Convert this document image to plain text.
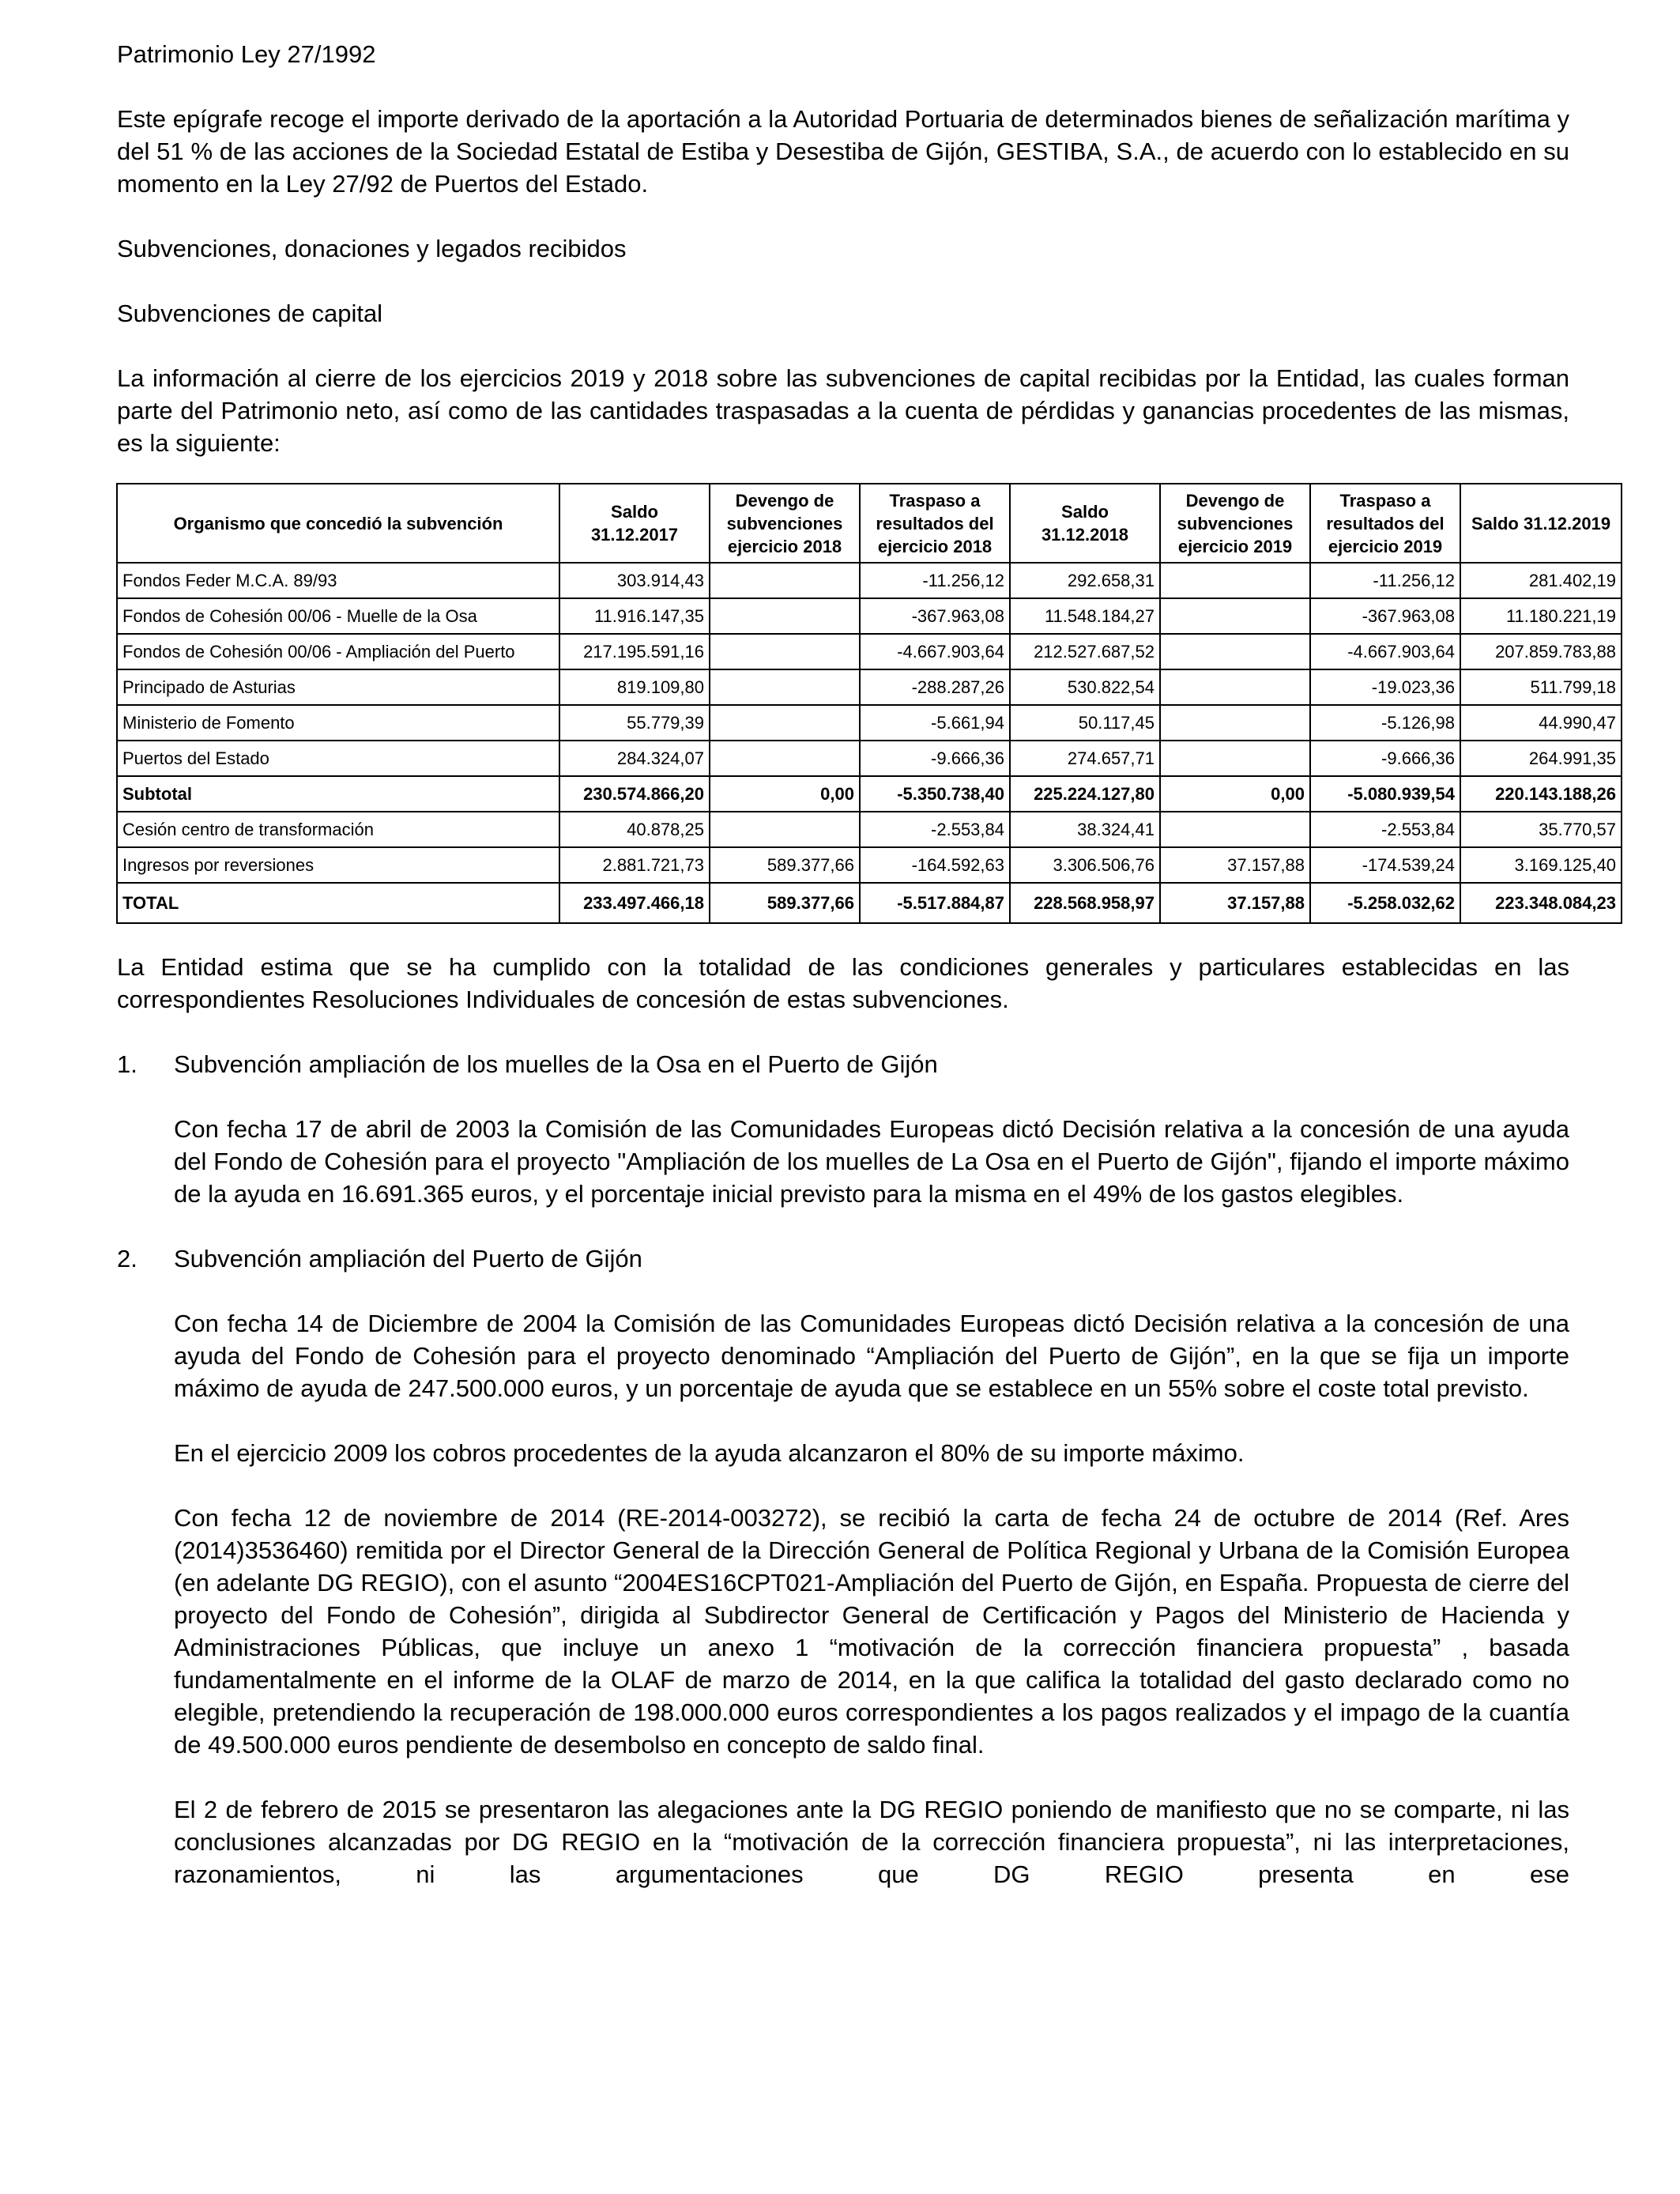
Patrimonio Ley 27/1992

Este epígrafe recoge el importe derivado de la aportación a la Autoridad Portuaria de determinados bienes de señalización marítima y del 51 % de las acciones de la Sociedad Estatal de Estiba y Desestiba de Gijón, GESTIBA, S.A., de acuerdo con lo establecido en su momento en la Ley 27/92 de Puertos del Estado.

Subvenciones, donaciones y legados recibidos

Subvenciones de capital

La información al cierre de los ejercicios 2019 y 2018 sobre las subvenciones de capital recibidas por la Entidad, las cuales forman parte del Patrimonio neto, así como de las cantidades traspasadas a la cuenta de pérdidas y ganancias procedentes de las mismas, es la siguiente:

Organismo que concedió la subvención	Saldo 31.12.2017	Devengo de subvenciones ejercicio 2018	Traspaso a resultados del ejercicio 2018	Saldo 31.12.2018	Devengo de subvenciones ejercicio 2019	Traspaso a resultados del ejercicio 2019	Saldo 31.12.2019
Fondos Feder M.C.A. 89/93	303.914,43		-11.256,12	292.658,31		-11.256,12	281.402,19
Fondos de Cohesión 00/06 - Muelle de la Osa	11.916.147,35		-367.963,08	11.548.184,27		-367.963,08	11.180.221,19
Fondos de Cohesión 00/06 - Ampliación del Puerto	217.195.591,16		-4.667.903,64	212.527.687,52		-4.667.903,64	207.859.783,88
Principado de Asturias	819.109,80		-288.287,26	530.822,54		-19.023,36	511.799,18
Ministerio de Fomento	55.779,39		-5.661,94	50.117,45		-5.126,98	44.990,47
Puertos del Estado	284.324,07		-9.666,36	274.657,71		-9.666,36	264.991,35
Subtotal	230.574.866,20	0,00	-5.350.738,40	225.224.127,80	0,00	-5.080.939,54	220.143.188,26
Cesión centro de transformación	40.878,25		-2.553,84	38.324,41		-2.553,84	35.770,57
Ingresos por reversiones	2.881.721,73	589.377,66	-164.592,63	3.306.506,76	37.157,88	-174.539,24	3.169.125,40
TOTAL	233.497.466,18	589.377,66	-5.517.884,87	228.568.958,97	37.157,88	-5.258.032,62	223.348.084,23

La Entidad estima que se ha cumplido con la totalidad de las condiciones generales y particulares establecidas en las correspondientes Resoluciones Individuales de concesión de estas subvenciones.

1.	Subvención ampliación de los muelles de la Osa en el Puerto de Gijón

Con fecha 17 de abril de 2003 la Comisión de las Comunidades Europeas dictó Decisión relativa a la concesión de una ayuda del Fondo de Cohesión para el proyecto "Ampliación de los muelles de La Osa en el Puerto de Gijón", fijando el importe máximo de la ayuda en 16.691.365 euros, y el porcentaje inicial previsto para la misma en el 49% de los gastos elegibles.

2.	Subvención ampliación del Puerto de Gijón

Con fecha 14 de Diciembre de 2004 la Comisión de las Comunidades Europeas dictó Decisión relativa a la concesión de una ayuda del Fondo de Cohesión para el proyecto denominado “Ampliación del Puerto de Gijón”, en la que se fija un importe máximo de ayuda de 247.500.000 euros, y un porcentaje de ayuda que se establece en un 55% sobre el coste total previsto.

En el ejercicio 2009 los cobros procedentes de la ayuda alcanzaron el 80% de su importe máximo.

Con fecha 12 de noviembre de 2014 (RE-2014-003272), se recibió la carta de fecha 24 de octubre de 2014 (Ref. Ares (2014)3536460) remitida por el Director General de la Dirección General de Política Regional y Urbana de la Comisión Europea (en adelante DG REGIO), con el asunto “2004ES16CPT021-Ampliación del Puerto de Gijón, en España. Propuesta de cierre del proyecto del Fondo de Cohesión”, dirigida al Subdirector General de Certificación y Pagos del Ministerio de Hacienda y Administraciones Públicas, que incluye un anexo 1 “motivación de la corrección financiera propuesta” , basada fundamentalmente en el informe de la OLAF de marzo de 2014, en la que califica la totalidad del gasto declarado como no elegible, pretendiendo la recuperación de 198.000.000 euros correspondientes a los pagos realizados y el impago de la cuantía de 49.500.000 euros pendiente de desembolso en concepto de saldo final.

El 2 de febrero de 2015 se presentaron las alegaciones ante la DG REGIO poniendo de manifiesto que no se comparte, ni las conclusiones alcanzadas por DG REGIO en la “motivación de la corrección financiera propuesta”, ni las interpretaciones, razonamientos, ni las argumentaciones que DG REGIO presenta en ese
